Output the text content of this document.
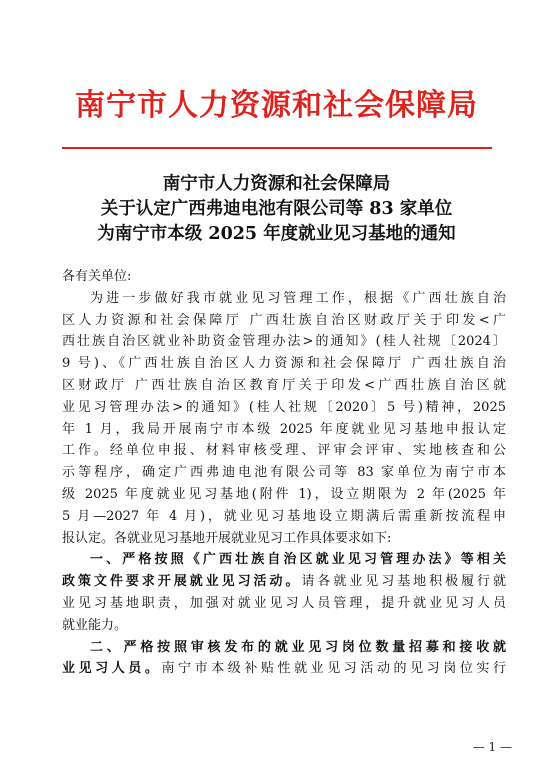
南宁市人力资源和社会保障局
南宁市人力资源和社会保障局
关于认定广西弗迪电池有限公司等 83 家单位
为南宁市本级 2025 年度就业见习基地的通知

各有关单位:

为进一步做好我市就业见习管理工作，根据《广西壮族自治

区人力资源和社会保障厅 广西壮族自治区财政厅关于印发<广

西壮族自治区就业补助资金管理办法>的通知》(桂人社规〔2024〕

9 号)、《广西壮族自治区人力资源和社会保障厅 广西壮族自治

区财政厅 广西壮族自治区教育厅关于印发<广西壮族自治区就

业见习管理办法>的通知》(桂人社规〔2020〕5 号)精神，2025

年 1 月，我局开展南宁市本级 2025 年度就业见习基地申报认定

工作。经单位申报、材料审核受理、评审会评审、实地核查和公

示等程序，确定广西弗迪电池有限公司等 83 家单位为南宁市本

级 2025 年度就业见习基地(附件 1)，设立期限为 2 年(2025 年

5 月—2027 年 4 月)，就业见习基地设立期满后需重新按流程申

报认定。各就业见习基地开展就业见习工作具体要求如下:

一、严格按照《广西壮族自治区就业见习管理办法》等相关

政策文件要求开展就业见习活动。请各就业见习基地积极履行就

业见习基地职责，加强对就业见习人员管理，提升就业见习人员

就业能力。

二、严格按照审核发布的就业见习岗位数量招募和接收就

业见习人员。南宁市本级补贴性就业见习活动的见习岗位实行

— 1 —
